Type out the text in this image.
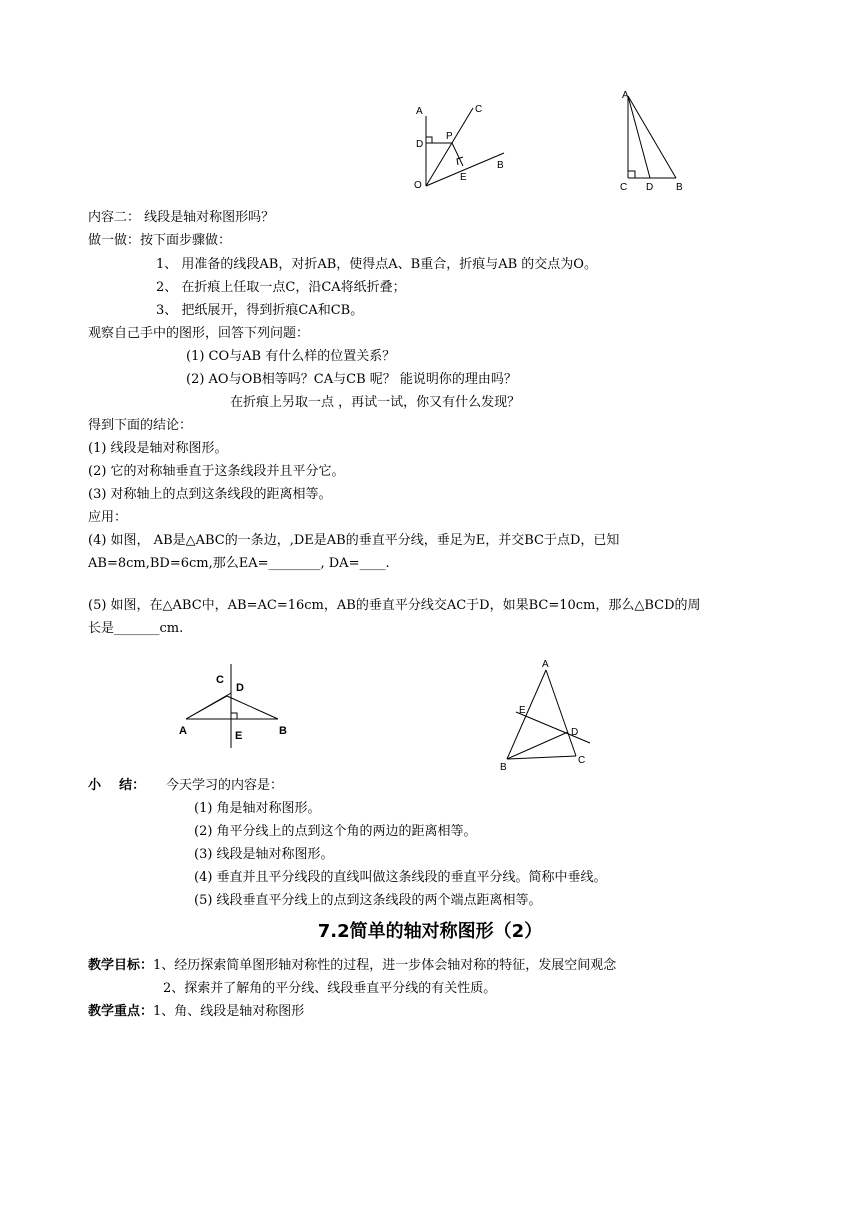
A	C
D
P
B
E
O
A
C D B
内容二： 线段是轴对称图形吗？
做一做：按下面步骤做：
1、 用准备的线段AB，对折AB，使得点A、B重合，折痕与AB 的交点为O。
2、 在折痕上任取一点C，沿CA将纸折叠；
3、 把纸展开，得到折痕CA和CB。
观察自己手中的图形，回答下列问题：
(1) CO与AB 有什么样的位置关系？
(2) AO与OB相等吗？CA与CB 呢？ 能说明你的理由吗？
在折痕上另取一点 ，再试一试，你又有什么发现？
得到下面的结论：
(1) 线段是轴对称图形。
(2) 它的对称轴垂直于这条线段并且平分它。
(3) 对称轴上的点到这条线段的距离相等。
应用：
(4) 如图， AB是△ABC的一条边，,DE是AB的垂直平分线，垂足为E，并交BC于点D，已知
AB=8cm,BD=6cm,那么EA=________, DA=____.
(5) 如图，在△ABC中，AB=AC=16cm，AB的垂直平分线交AC于D，如果BC=10cm，那么△BCD的周
长是_______cm.
C
D
A	E	B
A
E
D
B
C
小    结： 今天学习的内容是：
(1) 角是轴对称图形。
(2) 角平分线上的点到这个角的两边的距离相等。
(3) 线段是轴对称图形。
(4) 垂直并且平分线段的直线叫做这条线段的垂直平分线。简称中垂线。
(5) 线段垂直平分线上的点到这条线段的两个端点距离相等。
7.2简单的轴对称图形（2）
教学目标：1、经历探索简单图形轴对称性的过程，进一步体会轴对称的特征，发展空间观念
2、探索并了解角的平分线、线段垂直平分线的有关性质。
教学重点：1、角、线段是轴对称图形
